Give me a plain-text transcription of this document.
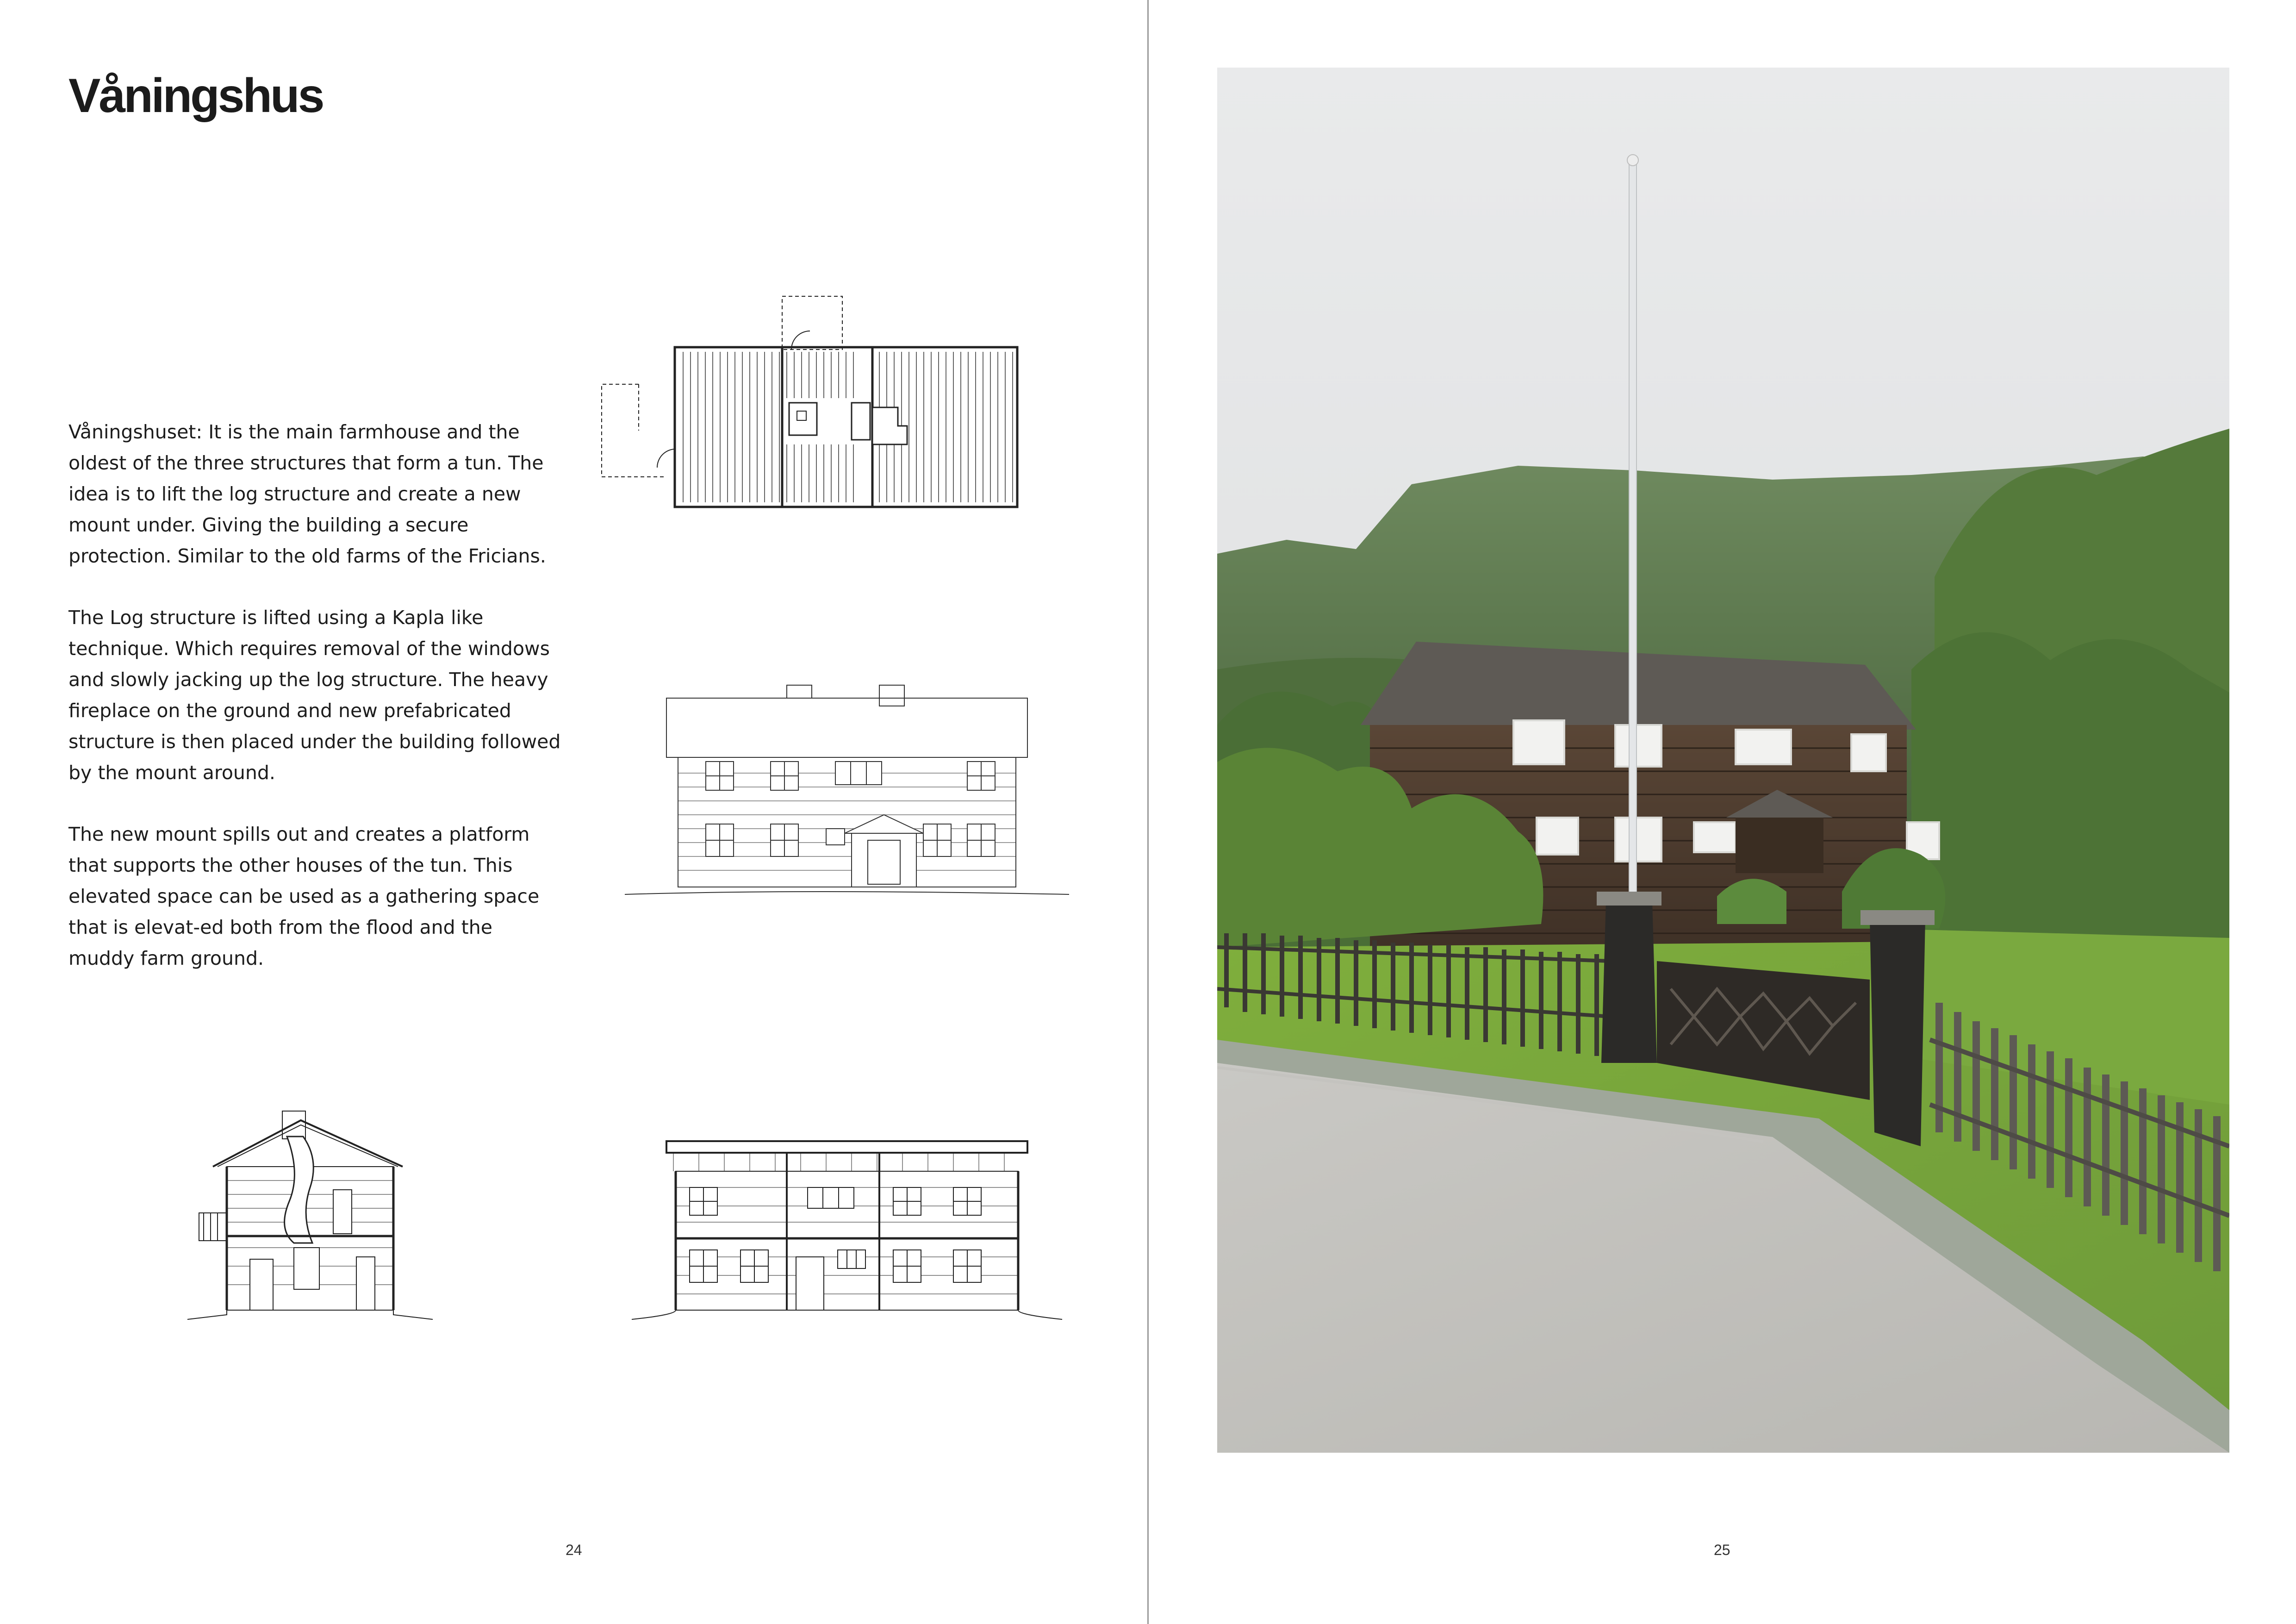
Våningshus

Våningshuset: It is the main farmhouse and the oldest of the three structures that form a tun. The idea is to lift the log structure and create a new mount under. Giving the building a secure protection. Similar to the old farms of the Fricians.

The Log structure is lifted using a Kapla like technique. Which requires removal of the windows and slowly jacking up the log structure. The heavy fireplace on the ground and new prefabricated structure is then placed under the building followed by the mount around.

The new mount spills out and creates a platform that supports the other houses of the tun. This elevated space can be used as a gathering space that is elevat-ed both from the flood and the muddy farm ground.

24	25
